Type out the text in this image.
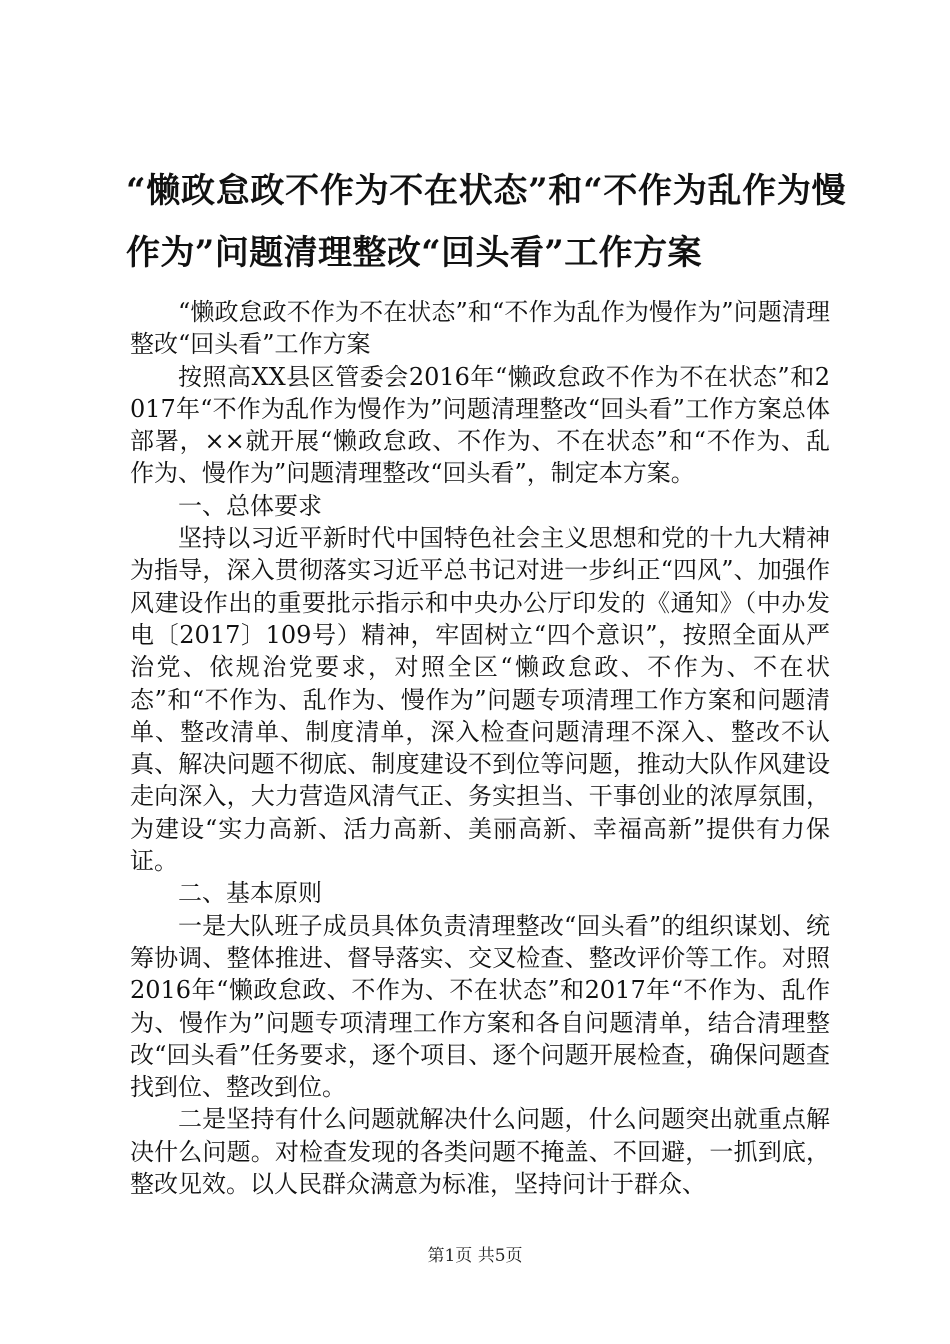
“懒政怠政不作为不在状态”和“不作为乱作为慢作为”问题清理整改“回头看”工作方案

“懒政怠政不作为不在状态”和“不作为乱作为慢作为”问题清理整改“回头看”工作方案

按照高XX县区管委会2016年“懒政怠政不作为不在状态”和2017年“不作为乱作为慢作为”问题清理整改“回头看”工作方案总体部署，××就开展“懒政怠政、不作为、不在状态”和“不作为、乱作为、慢作为”问题清理整改“回头看”，制定本方案。

一、总体要求

坚持以习近平新时代中国特色社会主义思想和党的十九大精神为指导，深入贯彻落实习近平总书记对进一步纠正“四风”、加强作风建设作出的重要批示指示和中央办公厅印发的《通知》（中办发电〔2017〕109号）精神，牢固树立“四个意识”，按照全面从严治党、依规治党要求，对照全区“懒政怠政、不作为、不在状态”和“不作为、乱作为、慢作为”问题专项清理工作方案和问题清单、整改清单、制度清单，深入检查问题清理不深入、整改不认真、解决问题不彻底、制度建设不到位等问题，推动大队作风建设走向深入，大力营造风清气正、务实担当、干事创业的浓厚氛围，为建设“实力高新、活力高新、美丽高新、幸福高新”提供有力保证。

二、基本原则

一是大队班子成员具体负责清理整改“回头看”的组织谋划、统筹协调、整体推进、督导落实、交叉检查、整改评价等工作。对照2016年“懒政怠政、不作为、不在状态”和2017年“不作为、乱作为、慢作为”问题专项清理工作方案和各自问题清单，结合清理整改“回头看”任务要求，逐个项目、逐个问题开展检查，确保问题查找到位、整改到位。

二是坚持有什么问题就解决什么问题，什么问题突出就重点解决什么问题。对检查发现的各类问题不掩盖、不回避，一抓到底，整改见效。以人民群众满意为标准，坚持问计于群众、

第1页 共5页
